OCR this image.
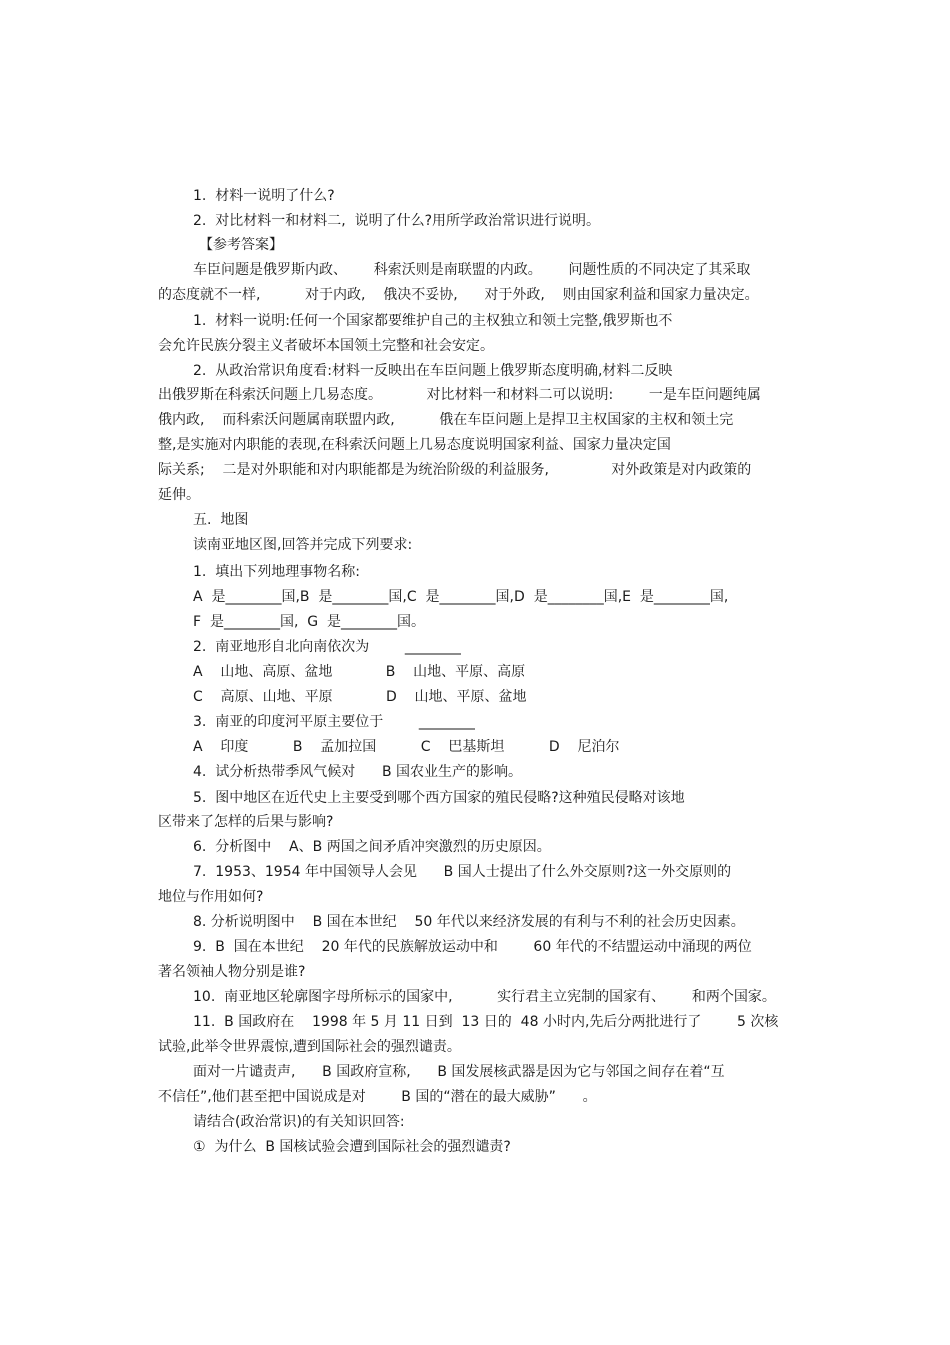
1.  材料一说明了什么?
2.  对比材料一和材料二,  说明了什么?用所学政治常识进行说明。
【参考答案】
车臣问题是俄罗斯内政、      科索沃则是南联盟的内政。      问题性质的不同决定了其采取
的态度就不一样,          对于内政,    俄决不妥协,      对于外政,    则由国家利益和国家力量决定。
1.  材料一说明:任何一个国家都要维护自己的主权独立和领土完整,俄罗斯也不
会允许民族分裂主义者破坏本国领土完整和社会安定。
2.  从政治常识角度看:材料一反映出在车臣问题上俄罗斯态度明确,材料二反映
出俄罗斯在科索沃问题上几易态度。          对比材料一和材料二可以说明:        一是车臣问题纯属
俄内政,    而科索沃问题属南联盟内政,          俄在车臣问题上是捍卫主权国家的主权和领土完
整,是实施对内职能的表现,在科索沃问题上几易态度说明国家利益、国家力量决定国
际关系;    二是对外职能和对内职能都是为统治阶级的利益服务,              对外政策是对内政策的
延伸。
五.  地图
读南亚地区图,回答并完成下列要求:
1.  填出下列地理事物名称:
A  是________国,B  是________国,C  是________国,D  是________国,E  是________国,
F  是________国,  G  是________国。
2.  南亚地形自北向南依次为        ________
A    山地、高原、盆地            B    山地、平原、高原
C    高原、山地、平原            D    山地、平原、盆地
3.  南亚的印度河平原主要位于        ________
A    印度          B    孟加拉国          C    巴基斯坦          D    尼泊尔
4.  试分析热带季风气候对      B 国农业生产的影响。
5.  图中地区在近代史上主要受到哪个西方国家的殖民侵略?这种殖民侵略对该地
区带来了怎样的后果与影响?
6.  分析图中    A、B 两国之间矛盾冲突激烈的历史原因。
7.  1953、1954 年中国领导人会见      B 国人士提出了什么外交原则?这一外交原则的
地位与作用如何?
8. 分析说明图中    B 国在本世纪    50 年代以来经济发展的有利与不利的社会历史因素。
9.  B  国在本世纪    20 年代的民族解放运动中和        60 年代的不结盟运动中涌现的两位
著名领袖人物分别是谁?
10.  南亚地区轮廓图字母所标示的国家中,          实行君主立宪制的国家有、      和两个国家。
11.  B 国政府在    1998 年 5 月 11 日到  13 日的  48 小时内,先后分两批进行了        5 次核
试验,此举令世界震惊,遭到国际社会的强烈谴责。
面对一片谴责声,      B 国政府宣称,      B 国发展核武器是因为它与邻国之间存在着“互
不信任”,他们甚至把中国说成是对        B 国的“潜在的最大威胁”      。
请结合(政治常识)的有关知识回答:
①  为什么  B 国核试验会遭到国际社会的强烈谴责?
